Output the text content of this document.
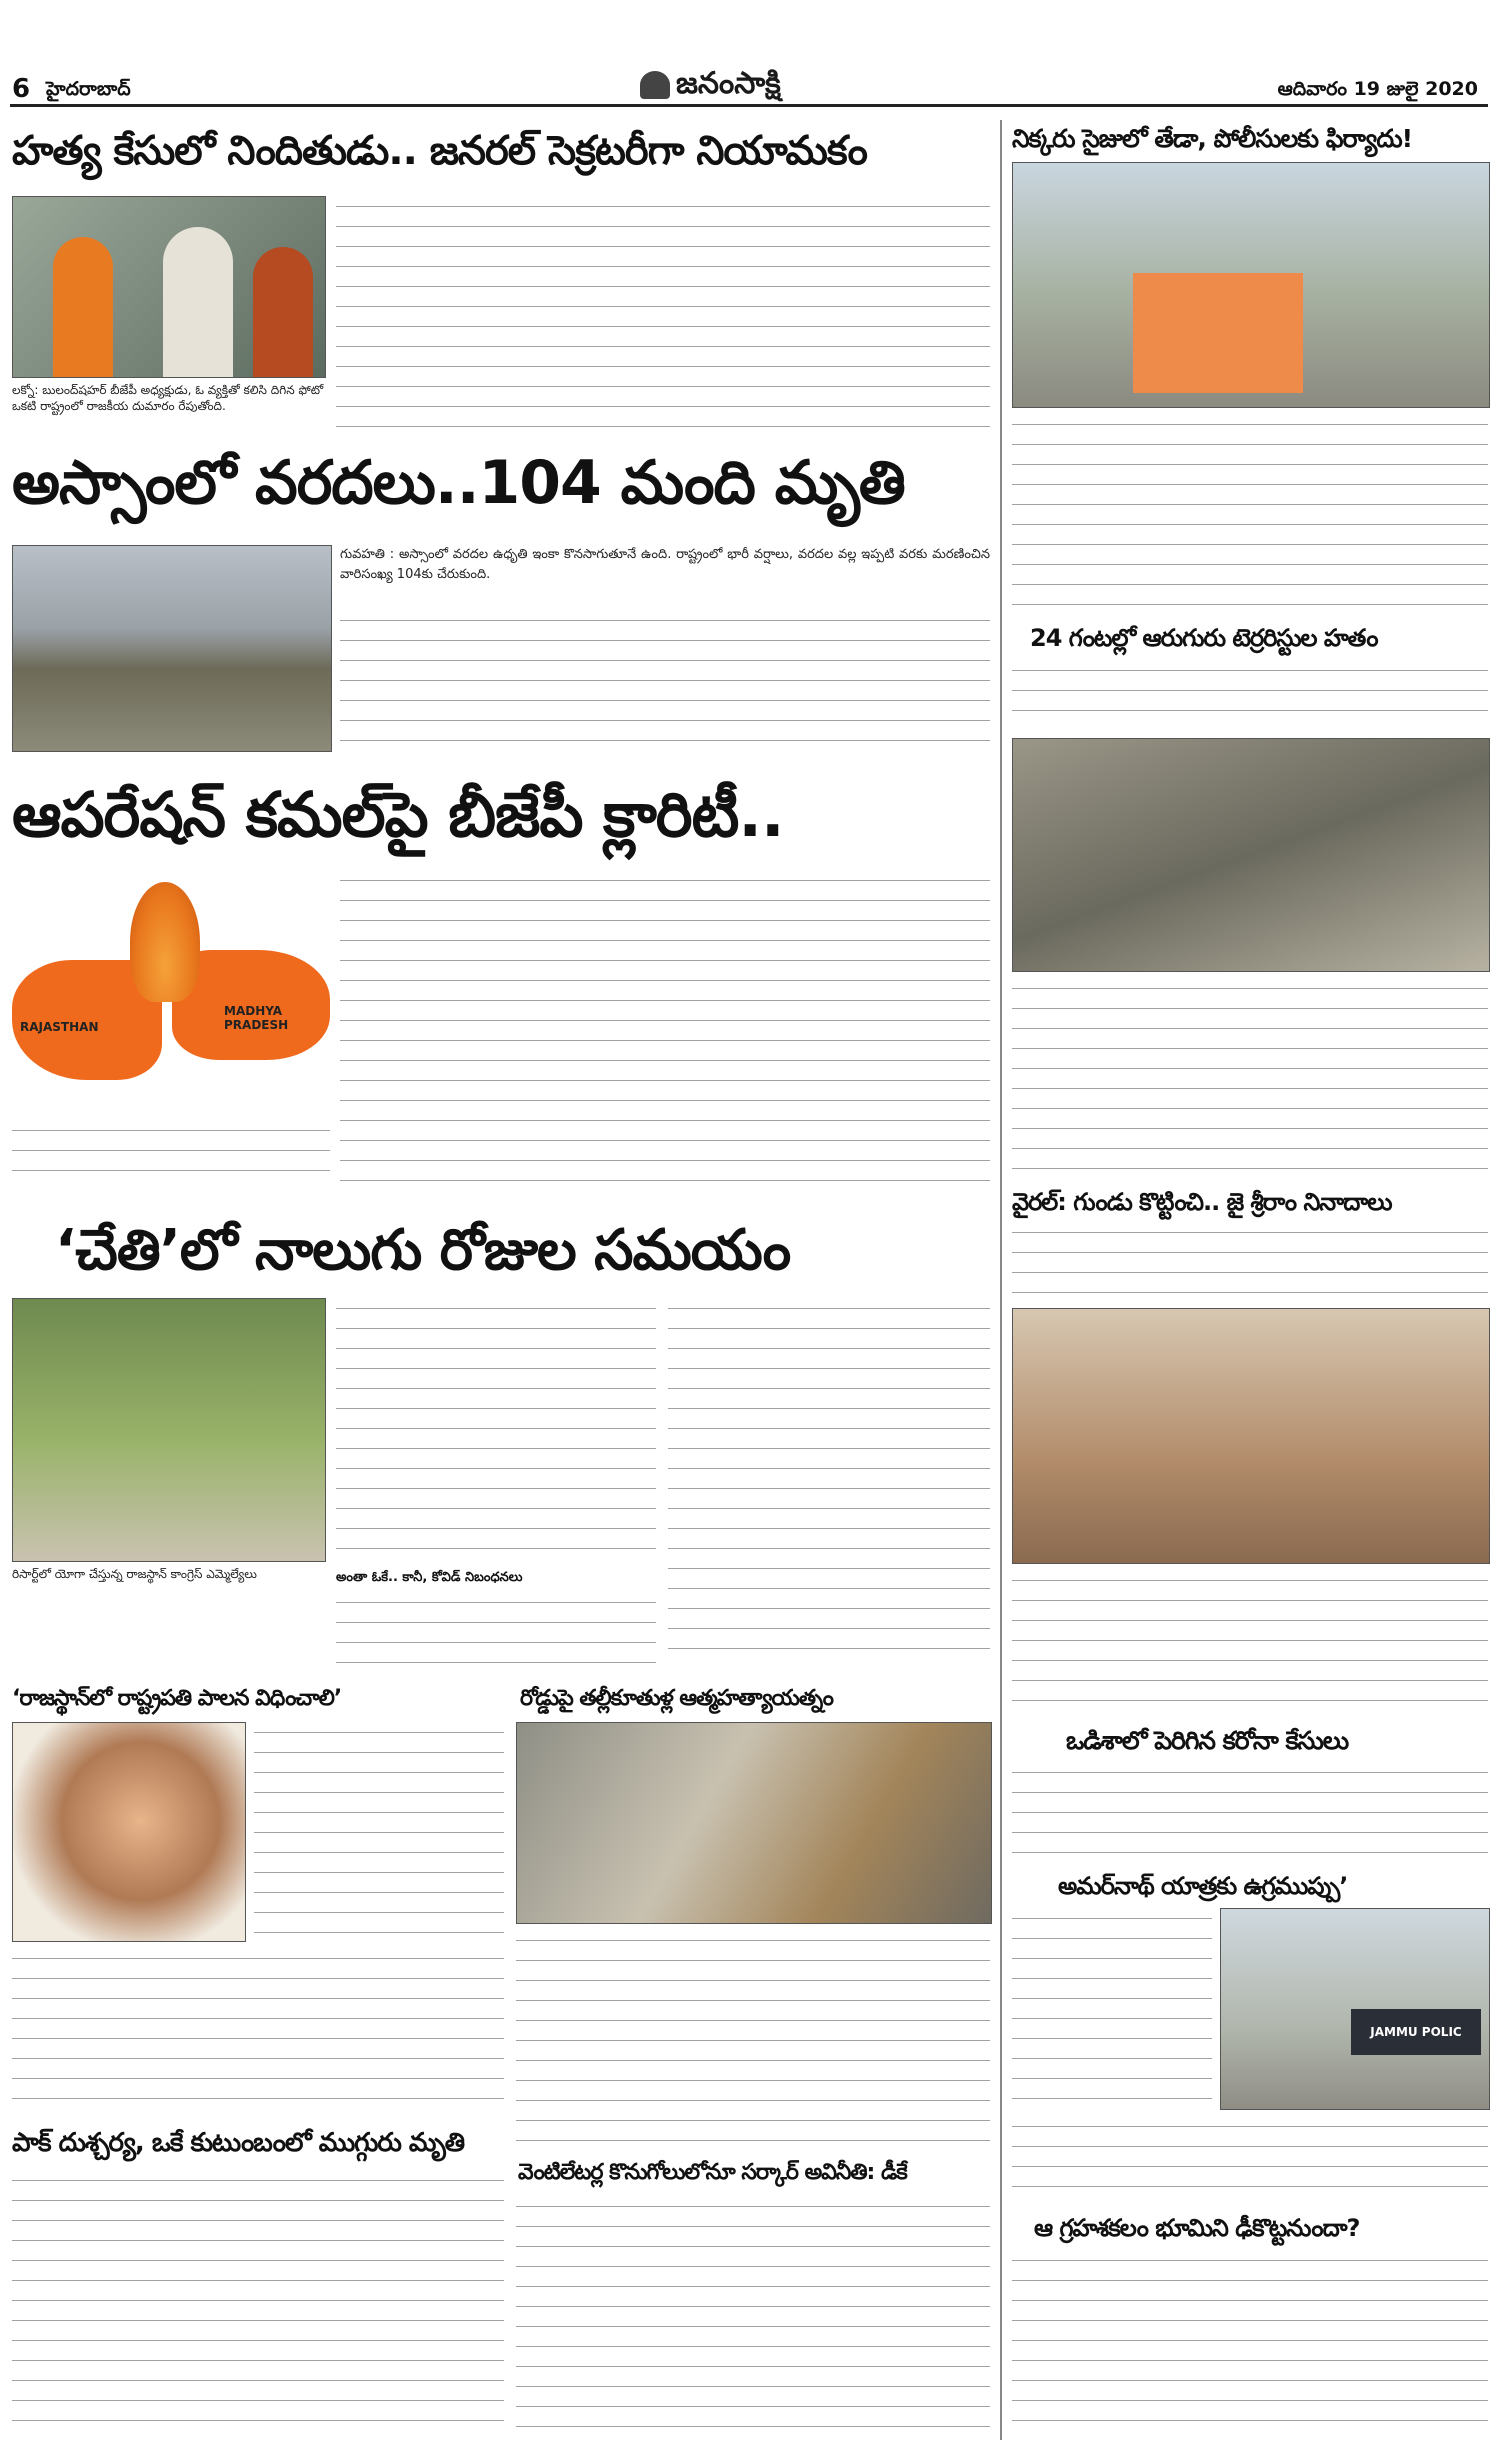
6 హైదరాబాద్	జనంసాక్షి	ఆదివారం 19 జులై 2020
హత్య కేసులో నిందితుడు.. జనరల్ సెక్రటరీగా నియామకం
లక్నో: బులంద్‌షహర్ బీజేపీ అధ్యక్షుడు, ఓ వ్యక్తితో కలిసి దిగిన ఫోటో ఒకటి రాష్ట్రంలో రాజకీయ దుమారం రేపుతోంది.
అస్సాంలో వరదలు..104 మంది మృతి
గువహతి : అస్సాంలో వరదల ఉధృతి ఇంకా కొనసాగుతూనే ఉంది. రాష్ట్రంలో భారీ వర్షాలు, వరదల వల్ల ఇప్పటి వరకు మరణించిన వారిసంఖ్య 104కు చేరుకుంది.
ఆపరేషన్ కమల్‌పై బీజేపీ క్లారిటీ..
RAJASTHAN
MADHYA PRADESH
‘చేతి’లో నాలుగు రోజుల సమయం
రిసార్ట్‌లో యోగా చేస్తున్న రాజస్థాన్ కాంగ్రెస్ ఎమ్మెల్యేలు	అంతా ఓకే.. కానీ, కోవిడ్ నిబంధనలు
‘రాజస్థాన్‌లో రాష్ట్రపతి పాలన విధించాలి’	రోడ్డుపై తల్లీకూతుళ్ల ఆత్మహత్యాయత్నం
పాక్ దుశ్చర్య, ఒకే కుటుంబంలో ముగ్గురు మృతి
వెంటిలేటర్ల కొనుగోలులోనూ సర్కార్ అవినీతి: డీకే
నిక్కరు సైజులో తేడా, పోలీసులకు ఫిర్యాదు!
24 గంటల్లో ఆరుగురు టెర్రరిస్టుల హతం
వైరల్: గుండు కొట్టించి.. జై శ్రీరాం నినాదాలు
ఒడిశాలో పెరిగిన కరోనా కేసులు
అమర్‌నాథ్ యాత్రకు ఉగ్రముప్పు’
JAMMU POLIC
ఆ గ్రహశకలం భూమిని ఢీకొట్టనుందా?
